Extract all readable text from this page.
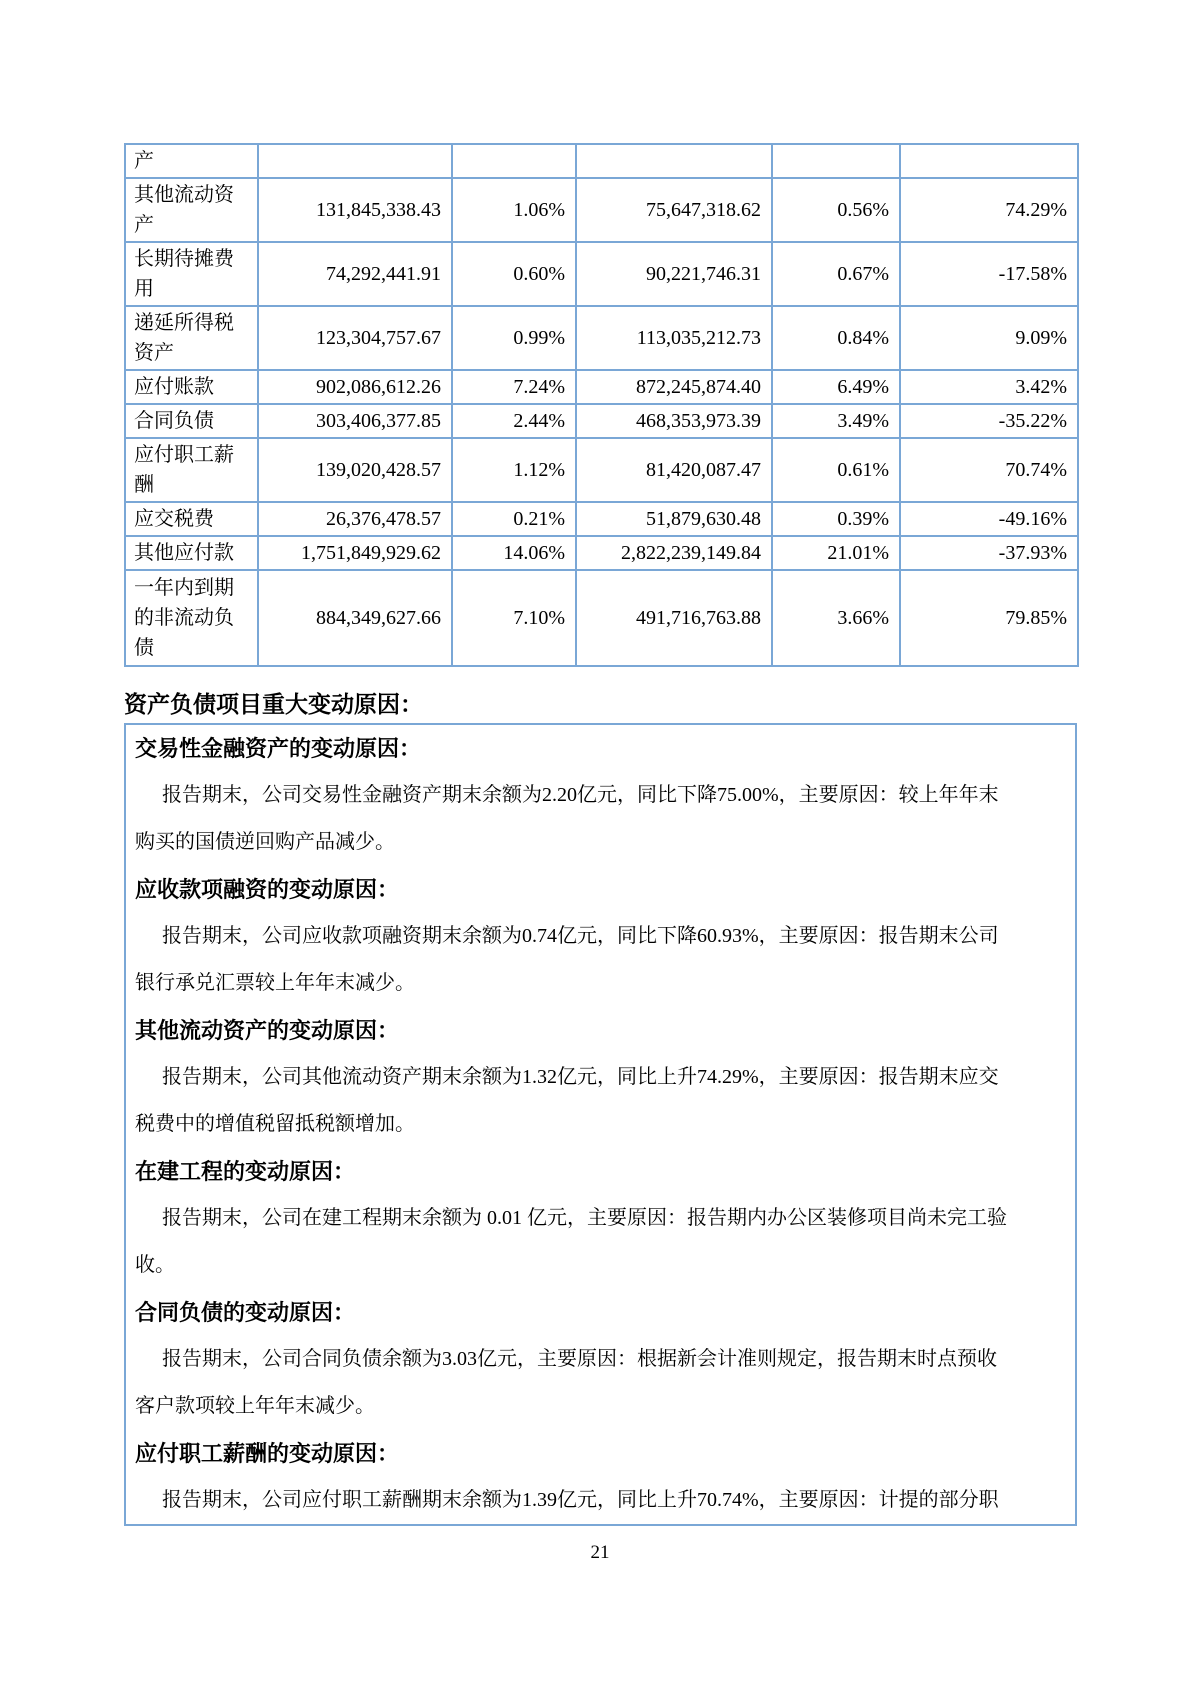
产					
其他流动资
产	131,845,338.43	1.06%	75,647,318.62	0.56%	74.29%
长期待摊费
用	74,292,441.91	0.60%	90,221,746.31	0.67%	-17.58%
递延所得税
资产	123,304,757.67	0.99%	113,035,212.73	0.84%	9.09%
应付账款	902,086,612.26	7.24%	872,245,874.40	6.49%	3.42%
合同负债	303,406,377.85	2.44%	468,353,973.39	3.49%	-35.22%
应付职工薪
酬	139,020,428.57	1.12%	81,420,087.47	0.61%	70.74%
应交税费	26,376,478.57	0.21%	51,879,630.48	0.39%	-49.16%
其他应付款	1,751,849,929.62	14.06%	2,822,239,149.84	21.01%	-37.93%
一年内到期
的非流动负
债	884,349,627.66	7.10%	491,716,763.88	3.66%	79.85%
资产负债项目重大变动原因：
交易性金融资产的变动原因：
报告期末，公司交易性金融资产期末余额为2.20亿元，同比下降75.00%，主要原因：较上年年末
购买的国债逆回购产品减少。
应收款项融资的变动原因：
报告期末，公司应收款项融资期末余额为0.74亿元，同比下降60.93%，主要原因：报告期末公司
银行承兑汇票较上年年末减少。
其他流动资产的变动原因：
报告期末，公司其他流动资产期末余额为1.32亿元，同比上升74.29%，主要原因：报告期末应交
税费中的增值税留抵税额增加。
在建工程的变动原因：
报告期末，公司在建工程期末余额为 0.01 亿元，主要原因：报告期内办公区装修项目尚未完工验
收。
合同负债的变动原因：
报告期末，公司合同负债余额为3.03亿元，主要原因：根据新会计准则规定，报告期末时点预收
客户款项较上年年末减少。
应付职工薪酬的变动原因：
报告期末，公司应付职工薪酬期末余额为1.39亿元，同比上升70.74%，主要原因：计提的部分职
21
